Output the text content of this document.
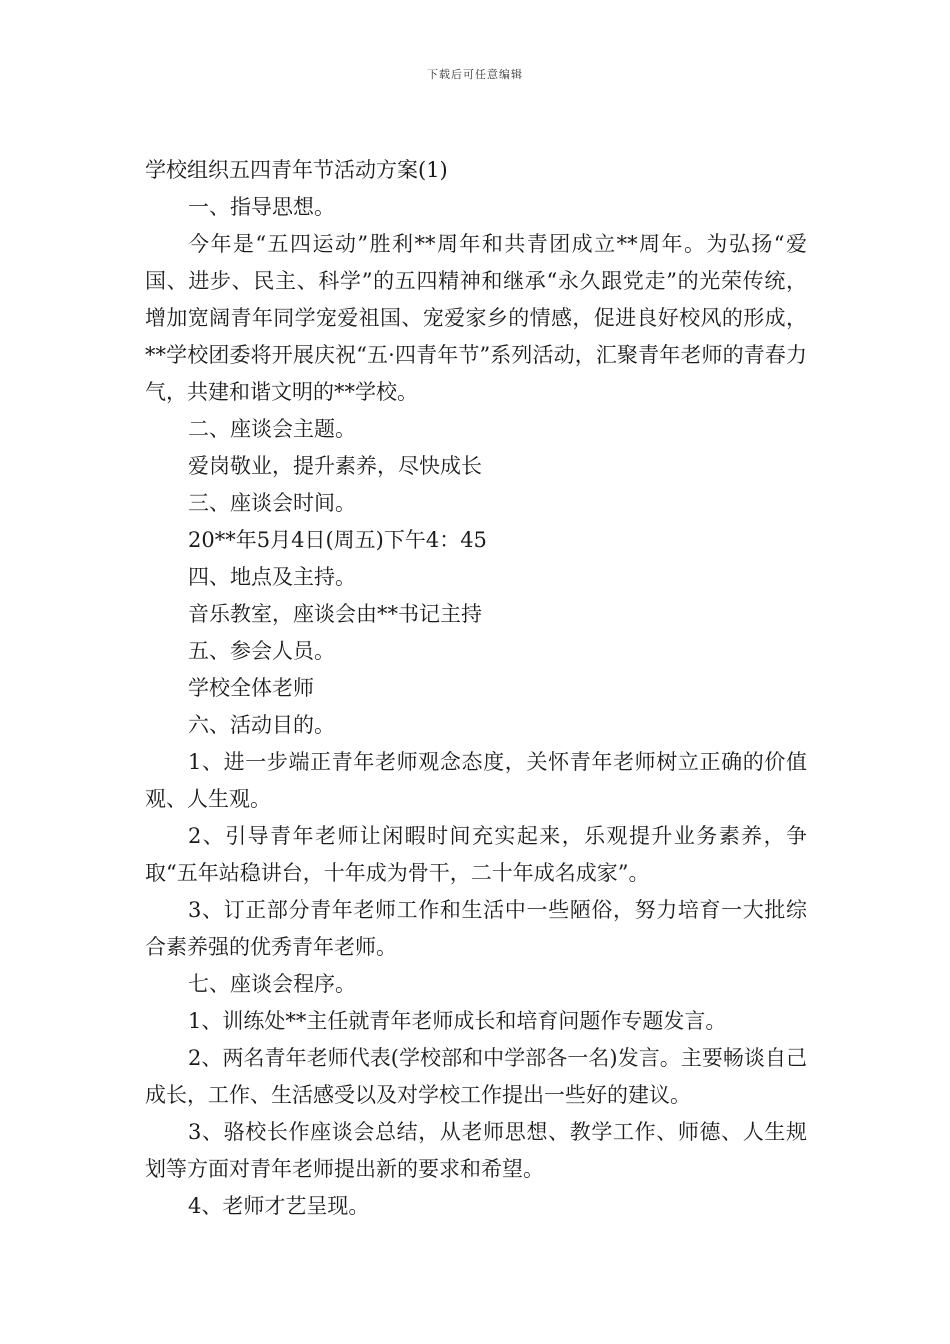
下载后可任意编辑

学校组织五四青年节活动方案(1)

一、指导思想。

今年是“五四运动”胜利**周年和共青团成立**周年。为弘扬“爱国、进步、民主、科学”的五四精神和继承“永久跟党走”的光荣传统，增加宽阔青年同学宠爱祖国、宠爱家乡的情感，促进良好校风的形成，**学校团委将开展庆祝“五·四青年节”系列活动，汇聚青年老师的青春力气，共建和谐文明的**学校。

二、座谈会主题。

爱岗敬业，提升素养，尽快成长

三、座谈会时间。

20**年5月4日(周五)下午4：45

四、地点及主持。

音乐教室，座谈会由**书记主持

五、参会人员。

学校全体老师

六、活动目的。

1、进一步端正青年老师观念态度，关怀青年老师树立正确的价值观、人生观。

2、引导青年老师让闲暇时间充实起来，乐观提升业务素养，争取“五年站稳讲台，十年成为骨干，二十年成名成家”。

3、订正部分青年老师工作和生活中一些陋俗，努力培育一大批综合素养强的优秀青年老师。

七、座谈会程序。

1、训练处**主任就青年老师成长和培育问题作专题发言。

2、两名青年老师代表(学校部和中学部各一名)发言。主要畅谈自己成长，工作、生活感受以及对学校工作提出一些好的建议。

3、骆校长作座谈会总结，从老师思想、教学工作、师德、人生规划等方面对青年老师提出新的要求和希望。

4、老师才艺呈现。
